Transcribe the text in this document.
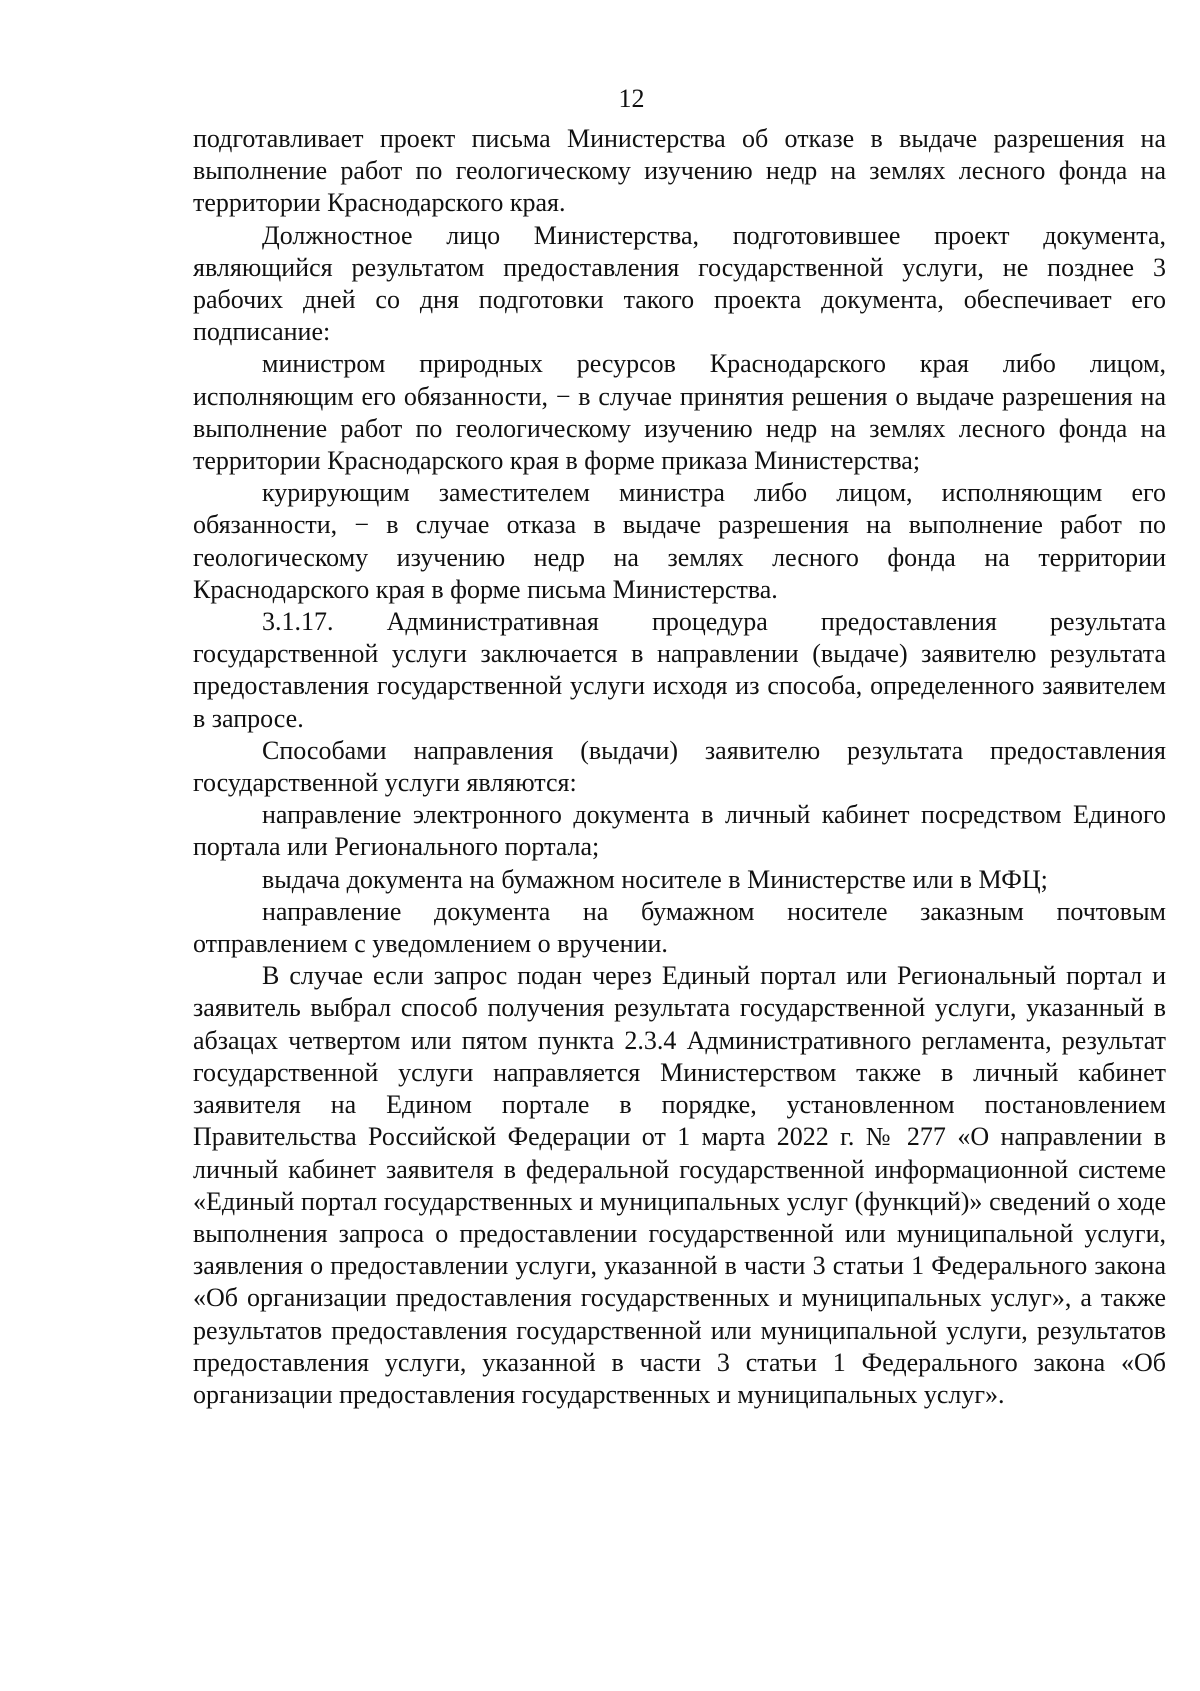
12

подготавливает проект письма Министерства об отказе в выдаче разрешения на выполнение работ по геологическому изучению недр на землях лесного фонда на территории Краснодарского края.

Должностное лицо Министерства, подготовившее проект документа, являющийся результатом предоставления государственной услуги, не позднее 3 рабочих дней со дня подготовки такого проекта документа, обеспечивает его подписание:

министром природных ресурсов Краснодарского края либо лицом, исполняющим его обязанности, − в случае принятия решения о выдаче разрешения на выполнение работ по геологическому изучению недр на землях лесного фонда на территории Краснодарского края в форме приказа Министерства;

курирующим заместителем министра либо лицом, исполняющим его обязанности, − в случае отказа в выдаче разрешения на выполнение работ по геологическому изучению недр на землях лесного фонда на территории Краснодарского края в форме письма Министерства.

3.1.17. Административная процедура предоставления результата государственной услуги заключается в направлении (выдаче) заявителю результата предоставления государственной услуги исходя из способа, определенного заявителем в запросе.

Способами направления (выдачи) заявителю результата предоставления государственной услуги являются:

направление электронного документа в личный кабинет посредством Единого портала или Регионального портала;

выдача документа на бумажном носителе в Министерстве или в МФЦ;

направление документа на бумажном носителе заказным почтовым отправлением с уведомлением о вручении.

В случае если запрос подан через Единый портал или Региональный портал и заявитель выбрал способ получения результата государственной услуги, указанный в абзацах четвертом или пятом пункта 2.3.4 Административного регламента, результат государственной услуги направляется Министерством также в личный кабинет заявителя на Едином портале в порядке, установленном постановлением Правительства Российской Федерации от 1 марта 2022 г. № 277 «О направлении в личный кабинет заявителя в федеральной государственной информационной системе «Единый портал государственных и муниципальных услуг (функций)» сведений о ходе выполнения запроса о предоставлении государственной или муниципальной услуги, заявления о предоставлении услуги, указанной в части 3 статьи 1 Федерального закона «Об организации предоставления государственных и муниципальных услуг», а также результатов предоставления государственной или муниципальной услуги, результатов предоставления услуги, указанной в части 3 статьи 1 Федерального закона «Об организации предоставления государственных и муниципальных услуг».
